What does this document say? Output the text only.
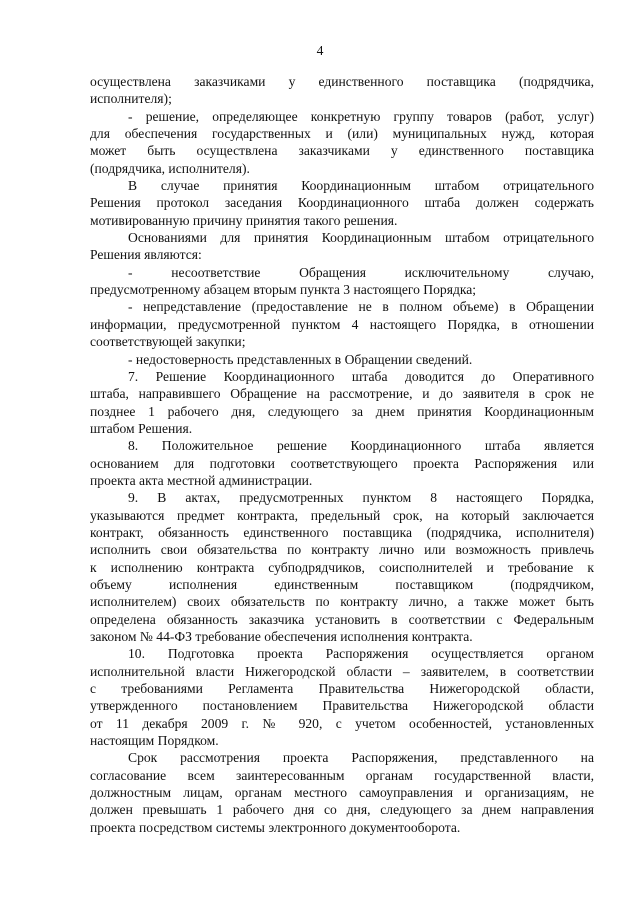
4
осуществлена заказчиками у единственного поставщика (подрядчика,
исполнителя);
- решение, определяющее конкретную группу товаров (работ, услуг)
для обеспечения государственных и (или) муниципальных нужд, которая
может быть осуществлена заказчиками у единственного поставщика
(подрядчика, исполнителя).
В случае принятия Координационным штабом отрицательного
Решения протокол заседания Координационного штаба должен содержать
мотивированную причину принятия такого решения.
Основаниями для принятия Координационным штабом отрицательного
Решения являются:
- несоответствие Обращения исключительному случаю,
предусмотренному абзацем вторым пункта 3 настоящего Порядка;
- непредставление (предоставление не в полном объеме) в Обращении
информации, предусмотренной пунктом 4 настоящего Порядка, в отношении
соответствующей закупки;
- недостоверность представленных в Обращении сведений.
7. Решение Координационного штаба доводится до Оперативного
штаба, направившего Обращение на рассмотрение, и до заявителя в срок не
позднее 1 рабочего дня, следующего за днем принятия Координационным
штабом Решения.
8. Положительное решение Координационного штаба является
основанием для подготовки соответствующего проекта Распоряжения или
проекта акта местной администрации.
9. В актах, предусмотренных пунктом 8 настоящего Порядка,
указываются предмет контракта, предельный срок, на который заключается
контракт, обязанность единственного поставщика (подрядчика, исполнителя)
исполнить свои обязательства по контракту лично или возможность привлечь
к исполнению контракта субподрядчиков, соисполнителей и требование к
объему исполнения единственным поставщиком (подрядчиком,
исполнителем) своих обязательств по контракту лично, а также может быть
определена обязанность заказчика установить в соответствии с Федеральным
законом № 44-ФЗ требование обеспечения исполнения контракта.
10. Подготовка проекта Распоряжения осуществляется органом
исполнительной власти Нижегородской области – заявителем, в соответствии
с требованиями Регламента Правительства Нижегородской области,
утвержденного постановлением Правительства Нижегородской области
от 11 декабря 2009 г. № 920, с учетом особенностей, установленных
настоящим Порядком.
Срок рассмотрения проекта Распоряжения, представленного на
согласование всем заинтересованным органам государственной власти,
должностным лицам, органам местного самоуправления и организациям, не
должен превышать 1 рабочего дня со дня, следующего за днем направления
проекта посредством системы электронного документооборота.
